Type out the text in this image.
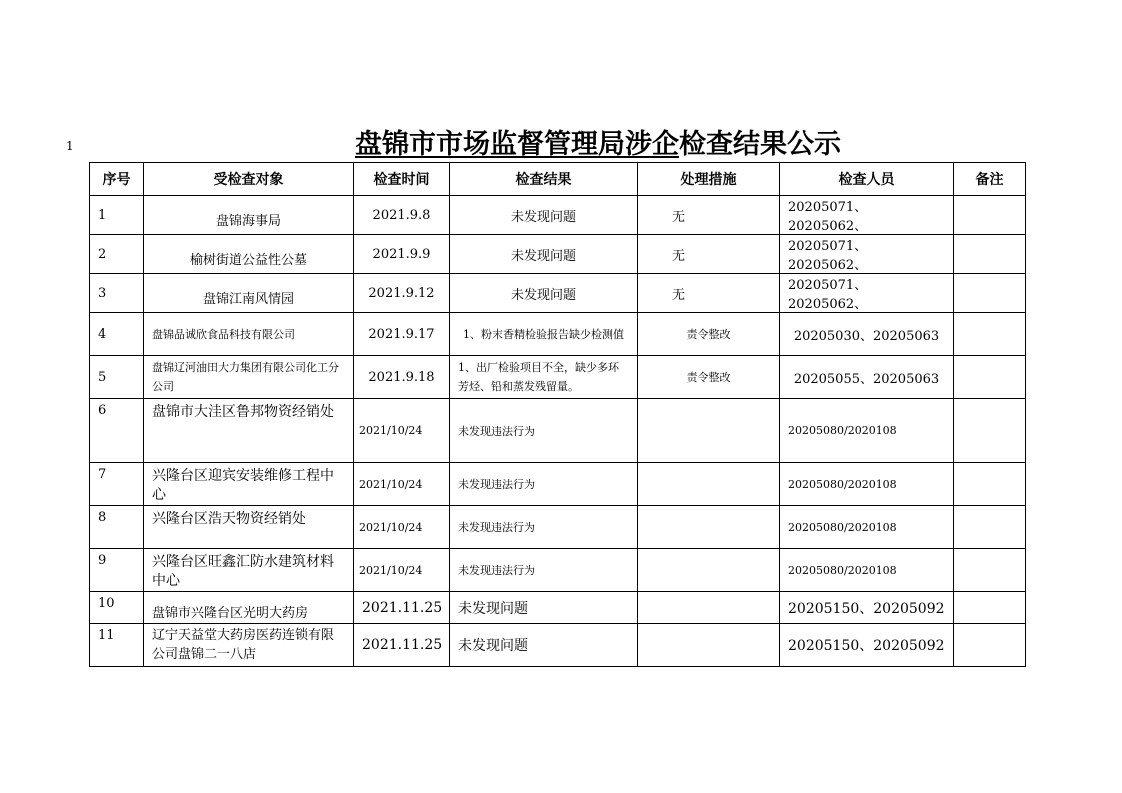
1	盘锦市市场监督管理局涉企检查结果公示
序号	受检查对象	检查时间	检查结果	处理措施	检查人员	备注
1	盘锦海事局	2021.9.8	未发现问题	无	20205071、20205062、	
2	榆树街道公益性公墓	2021.9.9	未发现问题	无	20205071、20205062、	
3	盘锦江南风情园	2021.9.12	未发现问题	无	20205071、20205062、	
4	盘锦品诚欣食品科技有限公司	2021.9.17	1、粉末香精检验报告缺少检测值	责令整改	20205030、20205063	
5	盘锦辽河油田大力集团有限公司化工分公司	2021.9.18	1、出厂检验项目不全，缺少多环芳烃、铅和蒸发残留量。	责令整改	20205055、20205063	
6	盘锦市大洼区鲁邦物资经销处	2021/10/24	未发现违法行为		20205080/2020108	
7	兴隆台区迎宾安装维修工程中心	2021/10/24	未发现违法行为		20205080/2020108	
8	兴隆台区浩天物资经销处	2021/10/24	未发现违法行为		20205080/2020108	
9	兴隆台区旺鑫汇防水建筑材料中心	2021/10/24	未发现违法行为		20205080/2020108	
10	盘锦市兴隆台区光明大药房	2021.11.25	未发现问题		20205150、20205092	
11	辽宁天益堂大药房医药连锁有限公司盘锦二一八店	2021.11.25	未发现问题		20205150、20205092	
